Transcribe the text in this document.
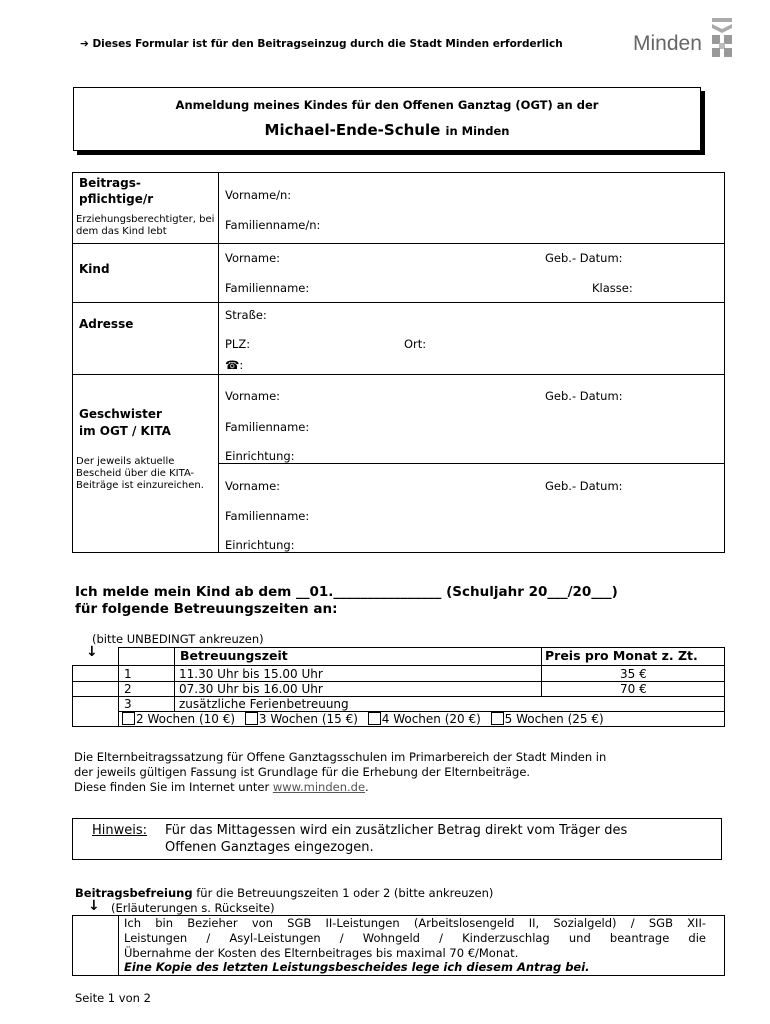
➔ Dieses Formular ist für den Beitragseinzug durch die Stadt Minden erforderlich	Minden
Anmeldung meines Kindes für den Offenen Ganztag (OGT) an der
Michael-Ende-Schule in Minden
Beitrags-
pflichtige/r
Erziehungsberechtigter, bei dem das Kind lebt
Vorname/n:
Familienname/n:
Kind
Vorname:	Geb.- Datum:
Familienname:	Klasse:
Adresse
Straße:
PLZ:	Ort:
☎:
Geschwister
im OGT / KITA
Der jeweils aktuelle Bescheid über die KITA-Beiträge ist einzureichen.
Vorname:	Geb.- Datum:
Familienname:
Einrichtung:
Vorname:	Geb.- Datum:
Familienname:
Einrichtung:
Ich melde mein Kind ab dem __01.________________ (Schuljahr 20___/20___)
für folgende Betreuungszeiten an:
(bitte UNBEDINGT ankreuzen)
↓	Betreuungszeit	Preis pro Monat z. Zt.
1	11.30 Uhr bis 15.00 Uhr	35 €
2	07.30 Uhr bis 16.00 Uhr	70 €
3	zusätzliche Ferienbetreuung
2 Wochen (10 €) 3 Wochen (15 €) 4 Wochen (20 €) 5 Wochen (25 €)
Die Elternbeitragssatzung für Offene Ganztagsschulen im Primarbereich der Stadt Minden in
der jeweils gültigen Fassung ist Grundlage für die Erhebung der Elternbeiträge.
Diese finden Sie im Internet unter www.minden.de.
Hinweis: Für das Mittagessen wird ein zusätzlicher Betrag direkt vom Träger des
Offenen Ganztages eingezogen.
Beitragsbefreiung für die Betreuungszeiten 1 oder 2 (bitte ankreuzen)
↓ (Erläuterungen s. Rückseite)
Ich bin Bezieher von SGB II-Leistungen (Arbeitslosengeld II, Sozialgeld) / SGB XII-
Leistungen / Asyl-Leistungen / Wohngeld / Kinderzuschlag und beantrage die
Übernahme der Kosten des Elternbeitrages bis maximal 70 €/Monat.
Eine Kopie des letzten Leistungsbescheides lege ich diesem Antrag bei.
Seite 1 von 2
